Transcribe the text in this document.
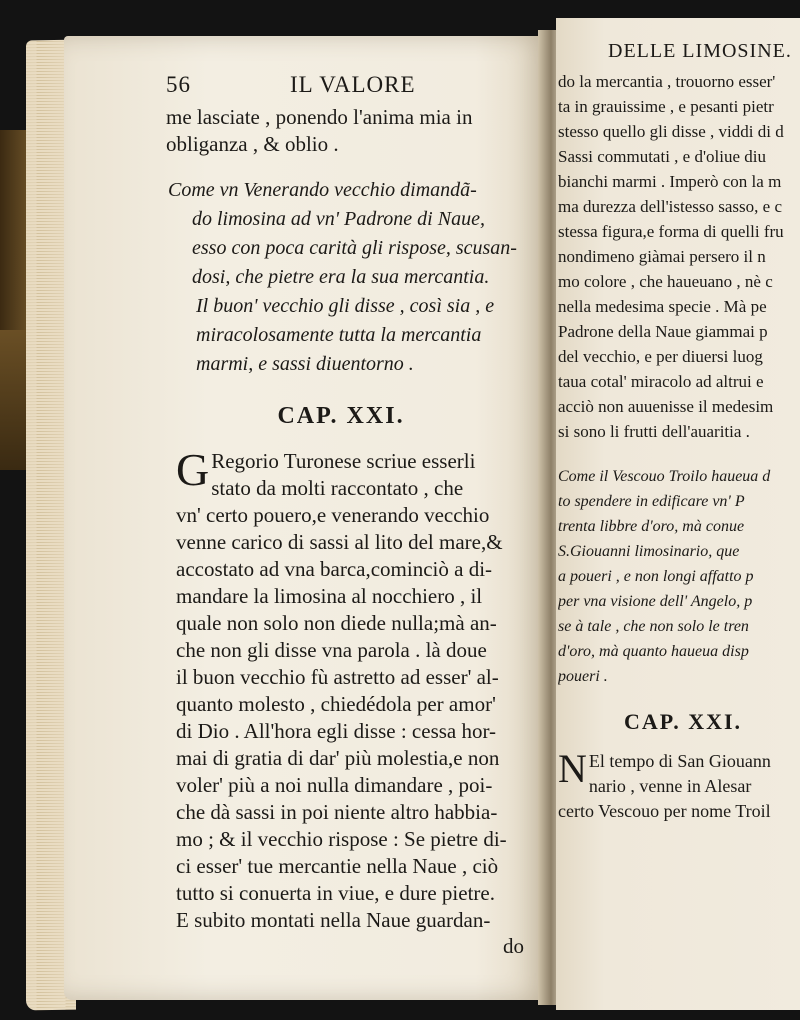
56	IL VALORE
me lasciate , ponendo l'anima mia in
obliganza , & oblio .
Come vn Venerando vecchio dimandã-
do limosina ad vn' Padrone di Naue,
esso con poca carità gli rispose, scusan-
dosi, che pietre era la sua mercantia.
Il buon' vecchio gli disse , così sia , e
miracolosamente tutta la mercantia
marmi, e sassi diuentorno .
CAP. XXI.
G Regorio Turonese scriue esserli
stato da molti raccontato , che
vn' certo pouero,e venerando vecchio
venne carico di sassi al lito del mare,&
accostato ad vna barca,cominciò a di-
mandare la limosina al nocchiero , il
quale non solo non diede nulla;mà an-
che non gli disse vna parola . là doue
il buon vecchio fù astretto ad esser' al-
quanto molesto , chiedédola per amor'
di Dio . All'hora egli disse : cessa hor-
mai di gratia di dar' più molestia,e non
voler' più a noi nulla dimandare , poi-
che dà sassi in poi niente altro habbia-
mo ; & il vecchio rispose : Se pietre di-
ci esser' tue mercantie nella Naue , ciò
tutto si conuerta in viue, e dure pietre.
E subito montati nella Naue guardan-
do
DELLE LIMOSINE.
do la mercantia , trouorno esser'
ta in grauissime , e pesanti pietr
stesso quello gli disse , viddi di d
Sassi commutati , e d'oliue diu
bianchi marmi . Imperò con la m
ma durezza dell'istesso sasso, e c
stessa figura,e forma di quelli fru
nondimeno giàmai persero il n
mo colore , che haueuano , nè c
nella medesima specie . Mà pe
Padrone della Naue giammai p
del vecchio, e per diuersi luog
taua cotal' miracolo ad altrui e
acciò non auuenisse il medesim
si sono li frutti dell'auaritia .
Come il Vescouo Troilo haueua d
to spendere in edificare vn' P
trenta libbre d'oro, mà conue
S.Giouanni limosinario, que
a poueri , e non longi affatto p
per vna visione dell' Angelo, p
se à tale , che non solo le tren
d'oro, mà quanto haueua disp
poueri .
CAP. XXI.
N El tempo di San Giouann
nario , venne in Alesar
certo Vescouo per nome Troil
